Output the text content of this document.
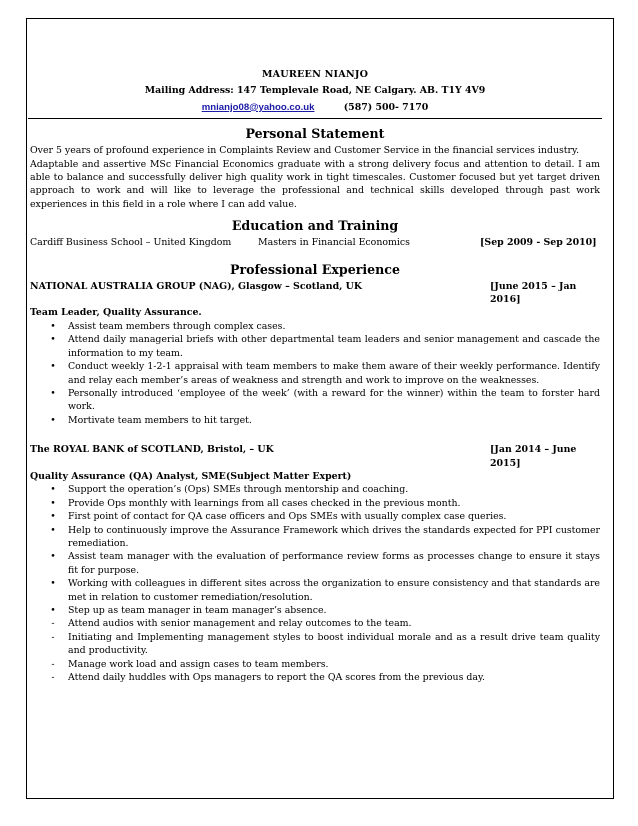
MAUREEN NIANJO
Mailing Address: 147 Templevale Road, NE Calgary. AB. T1Y 4V9
mnianjo08@yahoo.co.uk	(587) 500- 7170
Personal Statement

Over 5 years of profound experience in Complaints Review and Customer Service in the financial services industry.

Adaptable and assertive MSc Financial Economics graduate with a strong delivery focus and attention to detail. I am able to balance and successfully deliver high quality work in tight timescales. Customer focused but yet target driven approach to work and will like to leverage the professional and technical skills developed through past work experiences in this field in a role where I can add value.

Education and Training
Cardiff Business School – United Kingdom	Masters in Financial Economics	[Sep 2009 - Sep 2010]
Professional Experience
NATIONAL AUSTRALIA GROUP (NAG), Glasgow – Scotland, UK	[June 2015 – Jan 2016]
Team Leader, Quality Assurance.
• Assist team members through complex cases.
• Attend daily managerial briefs with other departmental team leaders and senior management and cascade the information to my team.
• Conduct weekly 1-2-1 appraisal with team members to make them aware of their weekly performance. Identify and relay each member’s areas of weakness and strength and work to improve on the weaknesses.
• Personally introduced ‘employee of the week’ (with a reward for the winner) within the team to forster hard work.
• Mortivate team members to hit target.
The ROYAL BANK of SCOTLAND, Bristol, – UK	[Jan 2014 – June 2015]
Quality Assurance (QA) Analyst, SME(Subject Matter Expert)
• Support the operation’s (Ops) SMEs through mentorship and coaching.
• Provide Ops monthly with learnings from all cases checked in the previous month.
• First point of contact for QA case officers and Ops SMEs with usually complex case queries.
• Help to continuously improve the Assurance Framework which drives the standards expected for PPI customer remediation.
• Assist team manager with the evaluation of performance review forms as processes change to ensure it stays fit for purpose.
• Working with colleagues in different sites across the organization to ensure consistency and that standards are met in relation to customer remediation/resolution.
• Step up as team manager in team manager’s absence.
-	Attend audios with senior management and relay outcomes to the team.
-	Initiating and Implementing management styles to boost individual morale and as a result drive team quality and productivity.
-	Manage work load and assign cases to team members.
-	Attend daily huddles with Ops managers to report the QA scores from the previous day.
